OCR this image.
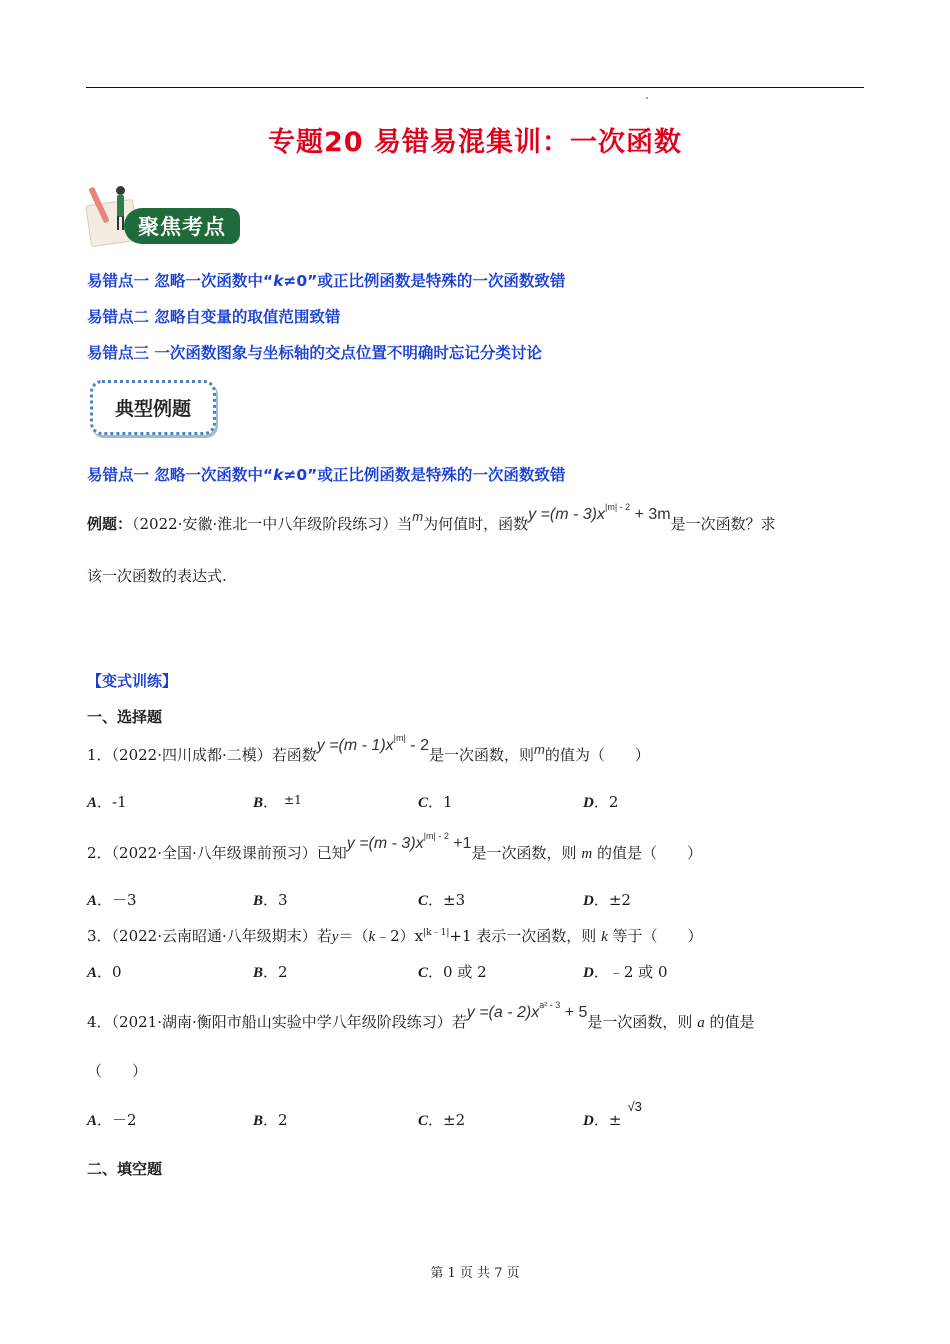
专题20 易错易混集训：一次函数
聚焦考点
易错点一 忽略一次函数中“k≠0”或正比例函数是特殊的一次函数致错
易错点二 忽略自变量的取值范围致错
易错点三 一次函数图象与坐标轴的交点位置不明确时忘记分类讨论
典型例题
易错点一 忽略一次函数中“k≠0”或正比例函数是特殊的一次函数致错
例题：（2022·安徽·淮北一中八年级阶段练习）当m为何值时，函数$y =(m - 3)x^{|m| - 2} + 3m$是一次函数？求
该一次函数的表达式.
【变式训练】
一、选择题
1．（2022·四川成都·二模）若函数$y =(m - 1)x^{|m|} - 2$是一次函数，则m的值为（　　）
A．-1	B． $^{\pm 1}$	C．1	D．2
2．（2022·全国·八年级课前预习）已知$y =(m - 3)x^{|m| - 2} +1$是一次函数，则 m 的值是（　　）
A．－3	B．3	C．±3	D．±2
3．（2022·云南昭通·八年级期末）若$y=(k﹣2)x^{|k﹣1|}+1$ 表示一次函数，则 k 等于（　　）
A．0	B．2	C．0 或 2	D．﹣2 或 0
4．（2021·湖南·衡阳市船山实验中学八年级阶段练习）若$y =(a - 2)x^{a^2 - 3} + 5$是一次函数，则 a 的值是
（　　）
A．－2	B．2	C．±2	D．±√3
二、填空题
第 1 页 共 7 页
